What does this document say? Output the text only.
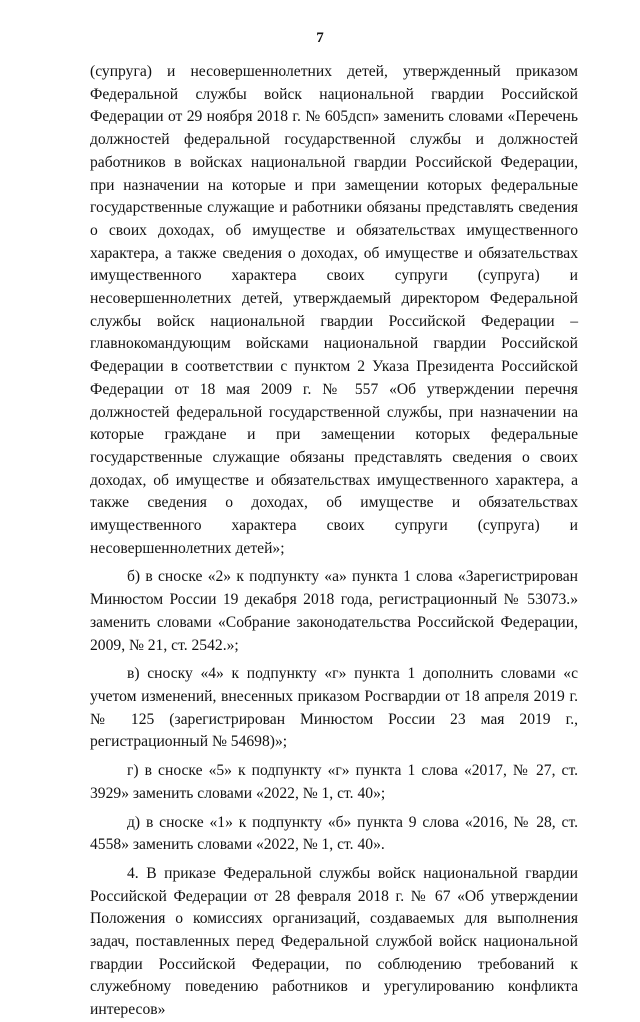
7

(супруга) и несовершеннолетних детей, утвержденный приказом Федеральной службы войск национальной гвардии Российской Федерации от 29 ноября 2018 г. № 605дсп» заменить словами «Перечень должностей федеральной государственной службы и должностей работников в войсках национальной гвардии Российской Федерации, при назначении на которые и при замещении которых федеральные государственные служащие и работники обязаны представлять сведения о своих доходах, об имуществе и обязательствах имущественного характера, а также сведения о доходах, об имуществе и обязательствах имущественного характера своих супруги (супруга) и несовершеннолетних детей, утверждаемый директором Федеральной службы войск национальной гвардии Российской Федерации – главнокомандующим войсками национальной гвардии Российской Федерации в соответствии с пунктом 2 Указа Президента Российской Федерации от 18 мая 2009 г. № 557 «Об утверждении перечня должностей федеральной государственной службы, при назначении на которые граждане и при замещении которых федеральные государственные служащие обязаны представлять сведения о своих доходах, об имуществе и обязательствах имущественного характера, а также сведения о доходах, об имуществе и обязательствах имущественного характера своих супруги (супруга) и несовершеннолетних детей»;

б) в сноске «2» к подпункту «а» пункта 1 слова «Зарегистрирован Минюстом России 19 декабря 2018 года, регистрационный № 53073.» заменить словами «Собрание законодательства Российской Федерации, 2009, № 21, ст. 2542.»;

в) сноску «4» к подпункту «г» пункта 1 дополнить словами «с учетом изменений, внесенных приказом Росгвардии от 18 апреля 2019 г. № 125 (зарегистрирован Минюстом России 23 мая 2019 г., регистрационный № 54698)»;

г) в сноске «5» к подпункту «г» пункта 1 слова «2017, № 27, ст. 3929» заменить словами «2022, № 1, ст. 40»;

д) в сноске «1» к подпункту «б» пункта 9 слова «2016, № 28, ст. 4558» заменить словами «2022, № 1, ст. 40».

4. В приказе Федеральной службы войск национальной гвардии Российской Федерации от 28 февраля 2018 г. № 67 «Об утверждении Положения о комиссиях организаций, создаваемых для выполнения задач, поставленных перед Федеральной службой войск национальной гвардии Российской Федерации, по соблюдению требований к служебному поведению работников и урегулированию конфликта интересов»
